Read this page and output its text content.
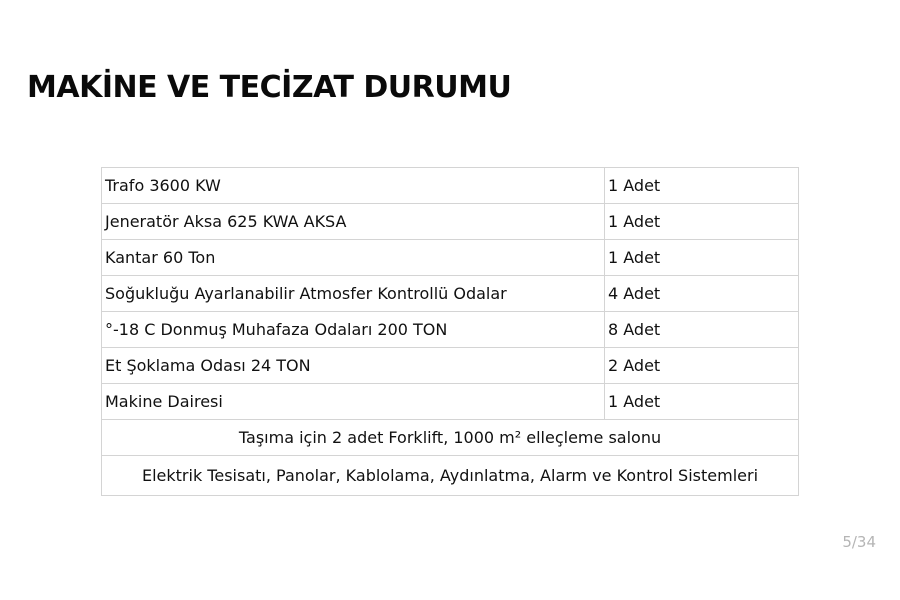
MAKİNE VE TECİZAT DURUMU
Trafo 3600 KW	1 Adet
Jeneratör Aksa 625 KWA AKSA	1 Adet
Kantar 60 Ton	1 Adet
Soğukluğu Ayarlanabilir Atmosfer Kontrollü Odalar	4 Adet
°-18 C Donmuş Muhafaza Odaları 200 TON	8 Adet
Et Şoklama Odası 24 TON	2 Adet
Makine Dairesi	1 Adet
Taşıma için 2 adet Forklift, 1000 m² elleçleme salonu	
Elektrik Tesisatı, Panolar, Kablolama, Aydınlatma, Alarm ve Kontrol Sistemleri	
5/34
